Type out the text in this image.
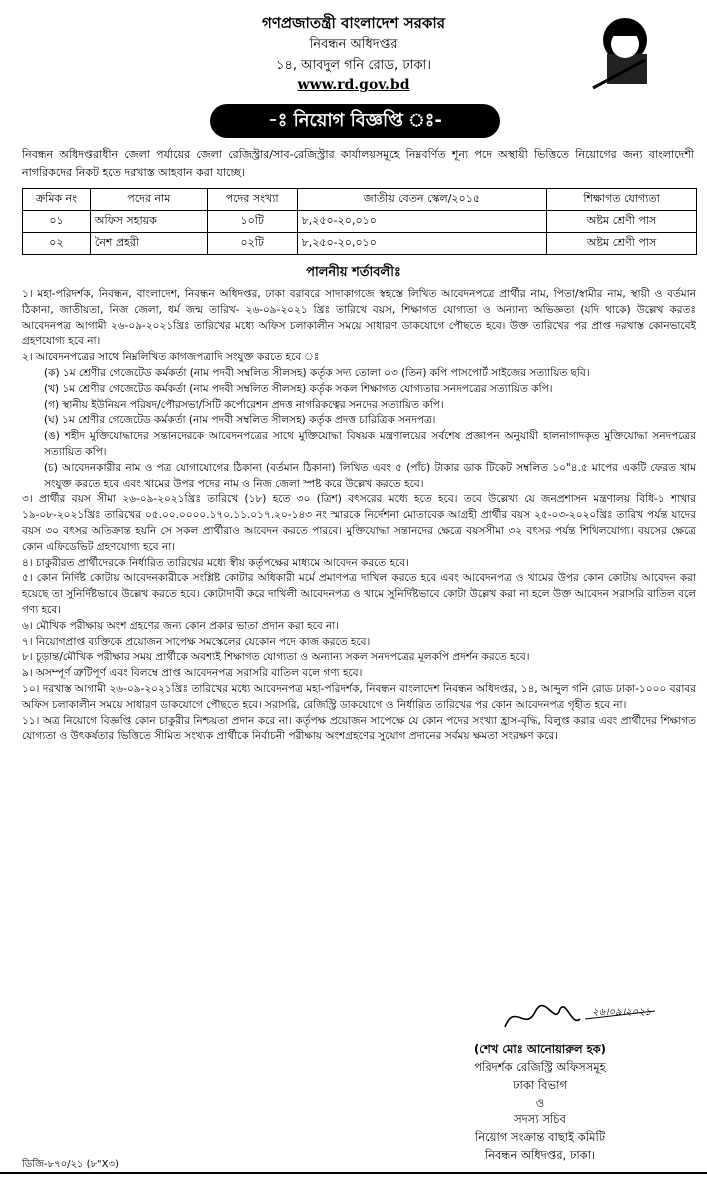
গণপ্রজাতন্ত্রী বাংলাদেশ সরকার
নিবন্ধন অধিদপ্তর
১৪, আবদুল গনি রোড, ঢাকা।
www.rd.gov.bd
-ঃ নিয়োগ বিজ্ঞপ্তি ঃ-
নিবন্ধন অধিদপ্তরাধীন জেলা পর্যায়ের জেলা রেজিস্ট্রার/সাব-রেজিস্ট্রার কার্যালয়সমূহে নিম্নবর্ণিত শূন্য পদে অস্থায়ী ভিত্তিতে নিয়োগের জন্য বাংলাদেশী নাগরিকদের নিকট হতে দরখাস্ত আহবান করা যাচ্ছে।
ক্রমিক নং	পদের নাম	পদের সংখ্যা	জাতীয় বেতন স্কেল/২০১৫	শিক্ষাগত যোগ্যতা
০১	অফিস সহায়ক	১০টি	৮,২৫০-২০,০১০	অষ্টম শ্রেণী পাস
০২	নৈশ প্রহরী	০২টি	৮,২৫০-২০,০১০	অষ্টম শ্রেণী পাস
পালনীয় শর্তাবলীঃ

১। মহা-পরিদর্শক, নিবন্ধন, বাংলাদেশ, নিবন্ধন অধিদপ্তর, ঢাকা বরাবরে সাদাকাগজে স্বহস্তে লিখিত আবেদনপত্রে প্রার্থীর নাম, পিতা/স্বামীর নাম, স্থায়ী ও বর্তমান ঠিকানা, জাতীয়তা, নিজ জেলা, ধর্ম জন্ম তারিখ- ২৬-০৯-২০২১ খ্রিঃ তারিখে বয়স, শিক্ষাগত যোগ্যতা ও অন্যান্য অভিজ্ঞতা (যদি থাকে) উল্লেখ করতঃ আবেদনপত্র আগামী ২৬-০৯-২০২১খ্রিঃ তারিখের মধ্যে অফিস চলাকালীন সময়ে সাধারণ ডাকযোগে পৌছতে হবে। উক্ত তারিখের পর প্রাপ্ত দরখাস্ত কোনভাবেই গ্রহণযোগ্য হবে না।

২। আবেদনপত্রের সাথে নিম্নলিখিত কাগজপত্রাদি সংযুক্ত করতে হবে ঃ

(ক) ১ম শ্রেণীর গেজেটেড কর্মকর্তা (নাম পদবী সম্বলিত সীলসহ) কর্তৃক সদ্য তোলা ০৩ (তিন) কপি পাসপোর্ট সাইজের সত্যায়িত ছবি।

(খ) ১ম শ্রেণীর গেজেটেড কর্মকর্তা (নাম পদবী সম্বলিত সীলসহ) কর্তৃক সকল শিক্ষাগত যোগ্যতার সনদপত্রের সত্যায়িত কপি।

(গ) স্থানীয় ইউনিয়ন পরিষদ/পৌরসভা/সিটি কর্পোরেশন প্রদত্ত নাগরিকত্বের সনদের সত্যায়িত কপি।

(ঘ) ১ম শ্রেণীর গেজেটেড কর্মকর্তা (নাম পদবী সম্বলিত সীলসহ) কর্তৃক প্রদত্ত চারিত্রিক সনদপত্র।

(ঙ) শহীদ মুক্তিযোদ্ধাদের সন্তানদেরকে আবেদনপত্রের সাথে মুক্তিযোদ্ধা বিষয়ক মন্ত্রণালয়ের সর্বশেষ প্রজ্ঞাপন অনুযায়ী হালনাগাদকৃত মুক্তিযোদ্ধা সনদপত্রের সত্যায়িত কপি।

(চ) আবেদনকারীর নাম ও পত্র যোগাযোগের ঠিকানা (বর্তমান ঠিকানা) লিখিত এবং ৫ (পাঁচ) টাকার ডাক টিকেট সম্বলিত ১০"৪.৫ মাপের একটি ফেরত খাম সংযুক্ত করতে হবে এবং খামের উপর পদের নাম ও নিজ জেলা স্পষ্ট করে উল্লেখ করতে হবে।

৩। প্রার্থীর বয়স সীমা ২৬-০৯-২০২১খ্রিঃ তারিখে (১৮) হতে ৩০ (ত্রিশ) বৎসরের মধ্যে হতে হবে। তবে উল্লেখ্য যে জনপ্রশাসন মন্ত্রণালয় বিধি-১ শাখার ১৯-০৮-২০২১খ্রিঃ তারিখের ০৫.০০.০০০০.১৭০.১১.০১৭.২০-১৪৩ নং স্মারকে নির্দেশনা মোতাবেক আগ্রহী প্রার্থীর বয়স ২৫-০৩-২০২০খ্রিঃ তারিখ পর্যন্ত যাদের বয়স ৩০ বৎসর অতিক্রান্ত হয়নি সে সকল প্রার্থীরাও আবেদন করতে পারবে। মুক্তিযোদ্ধা সন্তানদের ক্ষেত্রে বয়সসীমা ৩২ বৎসর পর্যন্ত শিথিলযোগ্য। বয়সের ক্ষেত্রে কোন এফিডেভিট গ্রহণযোগ্য হবে না।

৪। চাকুরীরত প্রার্থীদেরকে নির্ধারিত তারিখের মধ্যে স্বীয় কর্তৃপক্ষের মাধ্যমে আবেদন করতে হবে।

৫। কোন নির্দিষ্ট কোটায় আবেদনকারীকে সংশ্লিষ্ট কোটার অধিকারী মর্মে প্রমাণপত্র দাখিল করতে হবে এবং আবেদনপত্র ও খামের উপর কোন কোটায় আবেদন করা হয়েছে তা সুনির্দিষ্টভাবে উল্লেখ করতে হবে। কোটাদাবী করে দাখিলী আবেদনপত্র ও খামে সুনির্দিষ্টভাবে কোটা উল্লেখ করা না হলে উক্ত আবেদন সরাসরি বাতিল বলে গণ্য হবে।

৬। মৌখিক পরীক্ষায় অংশ গ্রহণের জন্য কোন প্রকার ভাতা প্রদান করা হবে না।

৭। নিয়োগপ্রাপ্ত ব্যক্তিকে প্রয়োজন সাপেক্ষ সমস্কেলের যেকোন পদে কাজ করতে হবে।

৮। চূড়ান্ত/মৌখিক পরীক্ষার সময় প্রার্থীকে অবশ্যই শিক্ষাগত যোগ্যতা ও অন্যান্য সকল সনদপত্রের মূলকপি প্রদর্শন করতে হবে।

৯। অসম্পূর্ণ ত্রুটিপূর্ণ এবং বিলম্বে প্রাপ্ত আবেদনপত্র সরাসরি বাতিল বলে গণ্য হবে।

১০। দরখাস্ত আগামী ২৬-০৯-২০২১খ্রিঃ তারিখের মধ্যে আবেদনপত্র মহা-পরিদর্শক, নিবন্ধন বাংলাদেশ নিবন্ধন অধিদপ্তর, ১৪, আব্দুল গনি রোড ঢাকা-১০০০ বরাবর অফিস চলাকালীন সময়ে সাধারণ ডাকযোগে পৌছতে হবে। সরাসরি, রেজিস্ট্রি ডাকযোগে ও নির্ধারিত তারিখের পর কোন আবেদনপত্র গৃহীত হবে না।

১১। অত্র নিয়োগে বিজ্ঞপ্তি কোন চাকুরীর নিশ্চয়তা প্রদান করে না। কর্তৃপক্ষ প্রয়োজন সাপেক্ষে যে কোন পদের সংখ্যা হ্রাস-বৃদ্ধি, বিলুপ্ত করার এবং প্রার্থীদের শিক্ষাগত যোগ্যতা ও উৎকর্ষতার ভিত্তিতে সীমিত সংখ্যক প্রার্থীকে নির্বাচনী পরীক্ষায় অংশগ্রহণের সুযোগ প্রদানের সর্বময় ক্ষমতা সংরক্ষণ করে।

২৬।০৯।২০২১
(শেখ মোঃ আনোয়ারুল হক)
পরিদর্শক রেজিস্ট্রি অফিসসমূহ
ঢাকা বিভাগ
ও
সদস্য সচিব
নিয়োগ সংক্রান্ত বাছাই কমিটি
নিবন্ধন অধিদপ্তর, ঢাকা।
ডিজি-৮৭০/২১ (৮"X৩)
